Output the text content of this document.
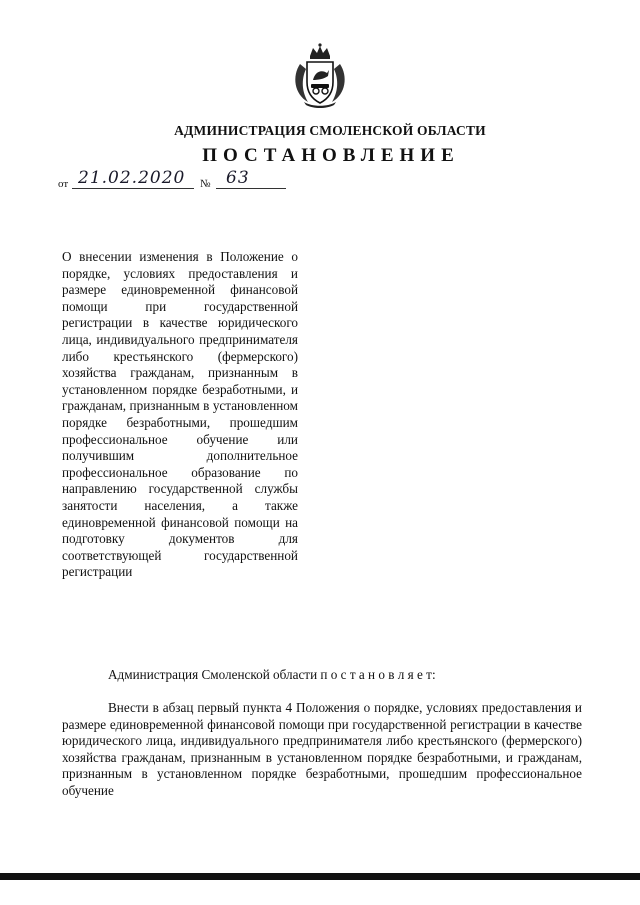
АДМИНИСТРАЦИЯ СМОЛЕНСКОЙ ОБЛАСТИ
ПОСТАНОВЛЕНИЕ
от 21.02.2020 № 63
О внесении изменения в Положение о порядке, условиях предоставления и размере единовременной финансовой помощи при государственной регистрации в качестве юридического лица, индивидуального предпринимателя либо крестьянского (фермерского) хозяйства гражданам, признанным в установленном порядке безработными, и гражданам, признанным в установленном порядке безработными, прошедшим профессиональное обучение или получившим дополнительное профессиональное образование по направлению государственной службы занятости населения, а также единовременной финансовой помощи на подготовку документов для соответствующей государственной регистрации
Администрация Смоленской области п о с т а н о в л я е т:
Внести в абзац первый пункта 4 Положения о порядке, условиях предоставления и размере единовременной финансовой помощи при государственной регистрации в качестве юридического лица, индивидуального предпринимателя либо крестьянского (фермерского) хозяйства гражданам, признанным в установленном порядке безработными, и гражданам, признанным в установленном порядке безработными, прошедшим профессиональное обучение
